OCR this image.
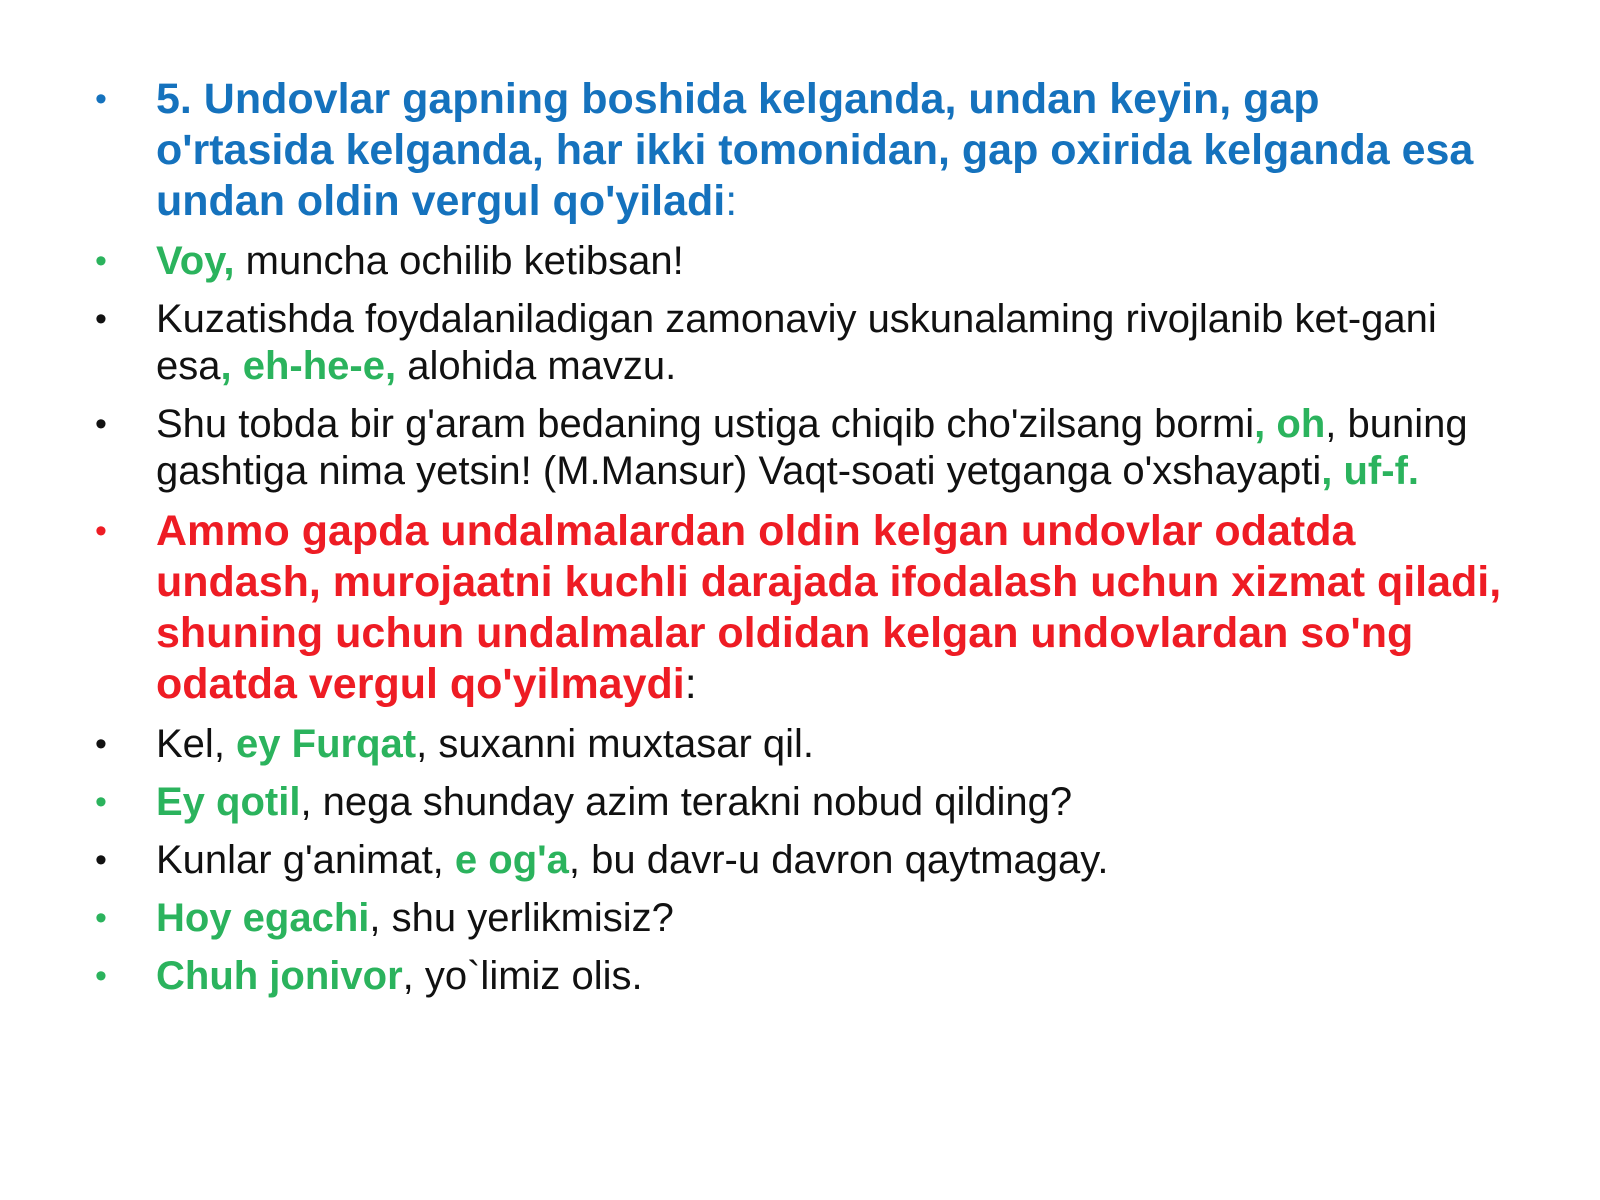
• 5. Undovlar gapning boshida kelganda, undan keyin, gap o'rtasida kelganda, har ikki tomonidan, gap oxirida kelganda esa undan oldin vergul qo'yiladi:
• Voy, muncha ochilib ketibsan!
• Kuzatishda foydalaniladigan zamonaviy uskunalaming rivojlanib ket-gani esa, eh-he-e, alohida mavzu.
• Shu tobda bir g'aram bedaning ustiga chiqib cho'zilsang bormi, oh, buning gashtiga nima yetsin! (M.Mansur) Vaqt-soati yetganga o'xshayapti, uf-f.
• Ammo gapda undalmalardan oldin kelgan undovlar odatda undash, murojaatni kuchli darajada ifodalash uchun xizmat qiladi, shuning uchun undalmalar oldidan kelgan undovlardan so'ng odatda vergul qo'yilmaydi:
• Kel, ey Furqat, suxanni muxtasar qil.
• Ey qotil, nega shunday azim terakni nobud qilding?
• Kunlar g'animat, e og'a, bu davr-u davron qaytmagay.
• Hoy egachi, shu yerlikmisiz?
• Chuh jonivor, yo`limiz olis.
